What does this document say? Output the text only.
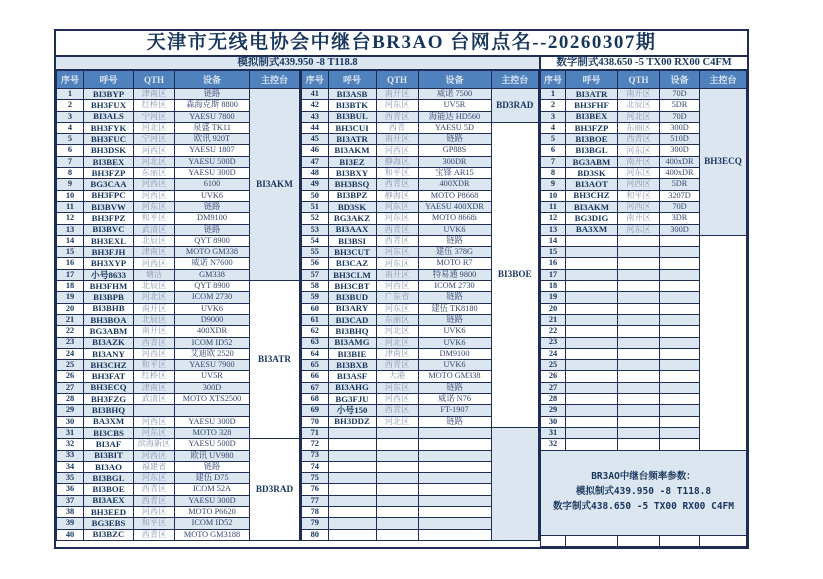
天津市无线电协会中继台BR3AO 台网点名--20260307期
模拟制式439.950 -8 T118.8	数字制式438.650 -5 TX00 RX00 C4FM
序号	呼号	QTH	设备	主控台
1	BI3BYP	津南区	链路	BI3AKM
2	BH3FUX	红桥区	森海克斯 8800	
3	BI3ALS	宁河区	YAESU 7800	
4	BH3FYK	河北区	泉盛 TK11	
5	BH3FUC	宁河区	欧讯 920T	
6	BH3DSK	河西区	YAESU 1807	
7	BI3BEX	河北区	YAESU 500D	
8	BH3FZP	东丽区	YAESU 300D	
9	BG3CAA	河西区	6100	
10	BH3FPC	河西区	UVK6	
11	BI3BVW	河东区	链路	
12	BH3FPZ	和平区	DM9100	
13	BI3BVC	武清区	链路	
14	BH3EXL	北辰区	QYT 8900	
15	BH3FJH	津南区	MOTO GM338	
16	BH3XYP	河西区	威诺 N7600	
17	小号8633	塘沽	GM338	
18	BH3FHM	北辰区	QYT 8900	BI3ATR
19	BI3BPB	河北区	ICOM 2730	
20	BI3BHB	南开区	UVK6	
21	BH3BOA	北辰区	D9000	
22	BG3ABM	南开区	400XDR	
23	BI3AZK	西青区	ICOM ID52	
24	BI3ANY	河西区	艾迪欧 2520	
25	BH3CHZ	和平区	YAESU 7900	
26	BH3FAT	红桥区	UV5R	
27	BH3ECQ	津南区	300D	
28	BH3FZG	武清区	MOTO XTS2500	
29	BI3BHQ			
30	BA3XM	河西区	YAESU 300D	
31	BI3CBS	河东区	MOTO 328	
32	BI3AF	滨海新区	YAESU 500D	BD3RAD
33	BI3BIT	河西区	欧讯 UV980	
34	BI3AO	福建省	链路	
35	BI3BGL	河东区	建伍 D75	
36	BI3BOE	西青区	ICOM 52A	
37	BI3AEX	西青区	YAESU 300D	
38	BH3EED	河西区	MOTO P6620	
39	BG3EBS	和平区	ICOM ID52	
40	BI3BZC	西青区	MOTO GM3188	
序号	呼号	QTH	设备	主控台
41	BI3ASB	南开区	威诺 7500	BD3RAD
42	BI3BTK	河东区	UV5R	
43	BI3BUL	西青区	海能达 HD560	
44	BH3CUI	西青	YAESU 5D	BI3BOE
45	BI3ATR	南开区	链路	
46	BI3AKM	河西区	GP88S	
47	BI3EZ	静海区	300DR	
48	BI3BXY	和平区	宝锋 AR15	
49	BH3BSQ	西青区	400XDR	
50	BI3BPZ	静海区	MOTO P8668	
51	BD3SK	河东区	YAESU 400XDR	
52	BG3AKZ	河东区	MOTO 8668i	
53	BI3AAX	西青区	UVK6	
54	BI3BSI	西青区	链路	
55	BH3CUT	河东区	建伍 378G	
56	BI3CAZ	河东区	MOTO R7	
57	BH3CLM	南开区	特易通 9800	
58	BH3CBT	河西区	ICOM 2730	
59	BI3BUD	广东省	链路	
60	BI3ARY	河东区	建伍 TK8180	
61	BI3CAD	东丽区	链路	
62	BI3BHQ	河北区	UVK6	
63	BI3AMG	河北区	UVK6	
64	BI3BIE	津南区	DM9100	
65	BI3BXB	西青区	UVK6	
66	BI3ASF	大港	MOTO GM338	
67	BI3AHG	河东区	链路	
68	BG3FJU	河西区	威诺 N76	
69	小号150	西青区	FT-1907	
70	BH3DDZ	河北区	链路	
71				
72				
73				
74				
75				
76				
77				
78				
79				
80				
序号	呼号	QTH	设备	主控台
1	BI3ATR	南开区	70D	BH3ECQ
2	BH3FHF	北辰区	5DR	
3	BI3BEX	河北区	70D	
4	BH3FZP	东丽区	300D	
5	BI3BOE	西青区	510D	
6	BI3BGL	河东区	300D	
7	BG3ABM	南开区	400xDR	
8	BD3SK	河东区	400xDR	
9	BI3AOT	河西区	5DR	
10	BH3CHZ	和平区	3207D	
11	BI3AKM	河西区	70D	
12	BG3DIG	南开区	3DR	
13	BA3XM	河东区	300D	
14				
15				
16				
17				
18				
19				
20				
21				
22				
23				
24				
25				
26				
27				
28				
29				
30				
31				
32				

BR3AO中继台频率参数：
模拟制式439.950 -8 T118.8
数字制式438.650 -5 TX00 RX00 C4FM				
